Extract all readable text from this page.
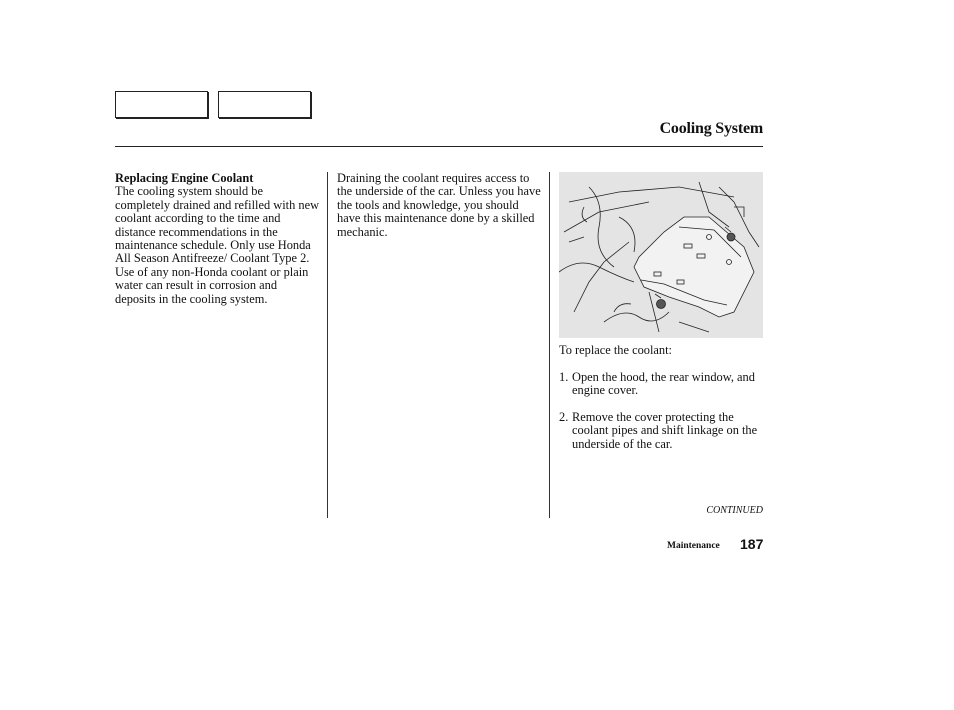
Cooling System
Replacing Engine Coolant

The cooling system should be completely drained and refilled with new coolant according to the time and distance recommendations in the maintenance schedule. Only use Honda All Season Antifreeze/ Coolant Type 2. Use of any non-Honda coolant or plain water can result in corrosion and deposits in the cooling system.

Draining the coolant requires access to the underside of the car. Unless you have the tools and knowledge, you should have this maintenance done by a skilled mechanic.

To replace the coolant:

1. Open the hood, the rear window, and engine cover.
2. Remove the cover protecting the coolant pipes and shift linkage on the underside of the car.
CONTINUED
Maintenance 187
